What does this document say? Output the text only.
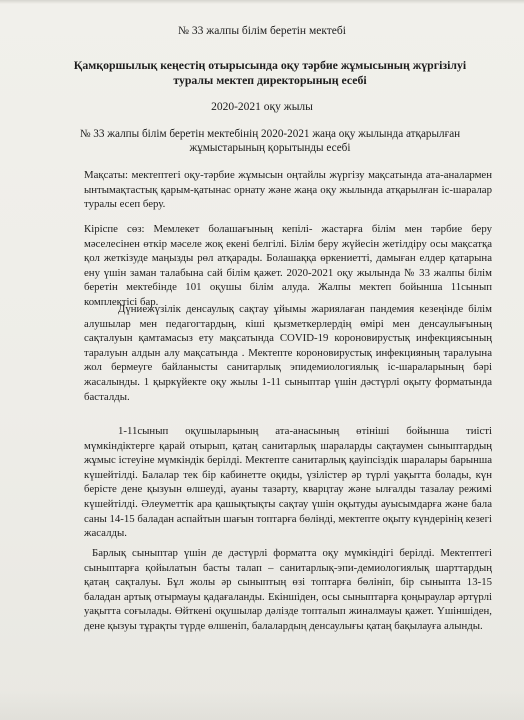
№ 33 жалпы білім беретін мектебі
Қамқоршылық кеңестің отырысында оқу тәрбие жұмысының жүргізілуі туралы мектеп директорының есебі
2020-2021 оқу жылы
№ 33 жалпы білім беретін мектебінің 2020-2021 жаңа оқу жылында атқарылған жұмыстарының қорытынды есебі

Мақсаты: мектептегі оқу-тәрбие жұмысын оңтайлы жүргізу мақсатында ата-аналармен ынтымақтастық қарым-қатынас орнату және жаңа оқу жылында атқарылған іс-шаралар туралы есеп беру.

Кіріспе сөз: Мемлекет болашағының кепілі- жастарға білім мен тәрбие беру мәселесінен өткір мәселе жоқ екені белгілі. Білім беру жүйесін жетілдіру осы мақсатқа қол жеткізуде маңызды рөл атқарады. Болашаққа өркениетті, дамыған елдер қатарына ену үшін заман талабына сай білім қажет. 2020-2021 оқу жылында № 33 жалпы білім беретін мектебінде 101 оқушы білім алуда. Жалпы мектеп бойынша 11сынып комплектісі бар.

Дүниежүзілік денсаулық сақтау ұйымы жариялаған пандемия кезеңінде білім алушылар мен педагогтардың, кіші қызметкерлердің өмірі мен денсаулығының сақталуын қамтамасыз ету мақсатында COVID-19 короновирустық инфекциясының таралуын алдын алу мақсатында . Мектепте короновирустық инфекцияның таралуына жол бермеуге байланысты санитарлық эпидемиологиялық іс-шараларының бәрі жасалынды. 1 қыркүйекте оқу жылы 1-11 сыныптар үшін дәстүрлі оқыту форматында басталды.

1-11сынып оқушыларының ата-анасының өтініші бойынша тиісті мүмкіндіктерге қарай отырып, қатаң санитарлық шараларды сақтаумен сыныптардың жұмыс істеуіне мүмкіндік берілді. Мектепте санитарлық қауіпсіздік шаралары барынша күшейтілді. Балалар тек бір кабинетте оқиды, үзілістер әр түрлі уақытта болады, күн берісте дене қызуын өлшеуді, ауаны тазарту, кварцтау және ылғалды тазалау режимі күшейтілді. Әлеуметтік ара қашықтықты сақтау үшін оқытуды ауысымдарға және бала саны 14-15 баладан аспайтын шағын топтарға бөлінді, мектепте оқыту күндерінің кезегі жасалды.

Барлық сыныптар үшін де дәстүрлі форматта оқу мүмкіндігі берілді. Мектептегі сыныптарға қойылатын басты талап – санитарлық-эпи-демиологиялық шарттардың қатаң сақталуы. Бұл жолы әр сыныптың өзі топтарға бөлініп, бір сыныпта 13-15 баладан артық отырмауы қадағаланды. Екіншіден, осы сыныптарға қоңыраулар әртүрлі уақытта соғылады. Өйткені оқушылар дәлізде топталып жиналмауы қажет. Үшіншіден, дене қызуы тұрақты түрде өлшеніп, балалардың денсаулығы қатаң бақылауға алынды.
